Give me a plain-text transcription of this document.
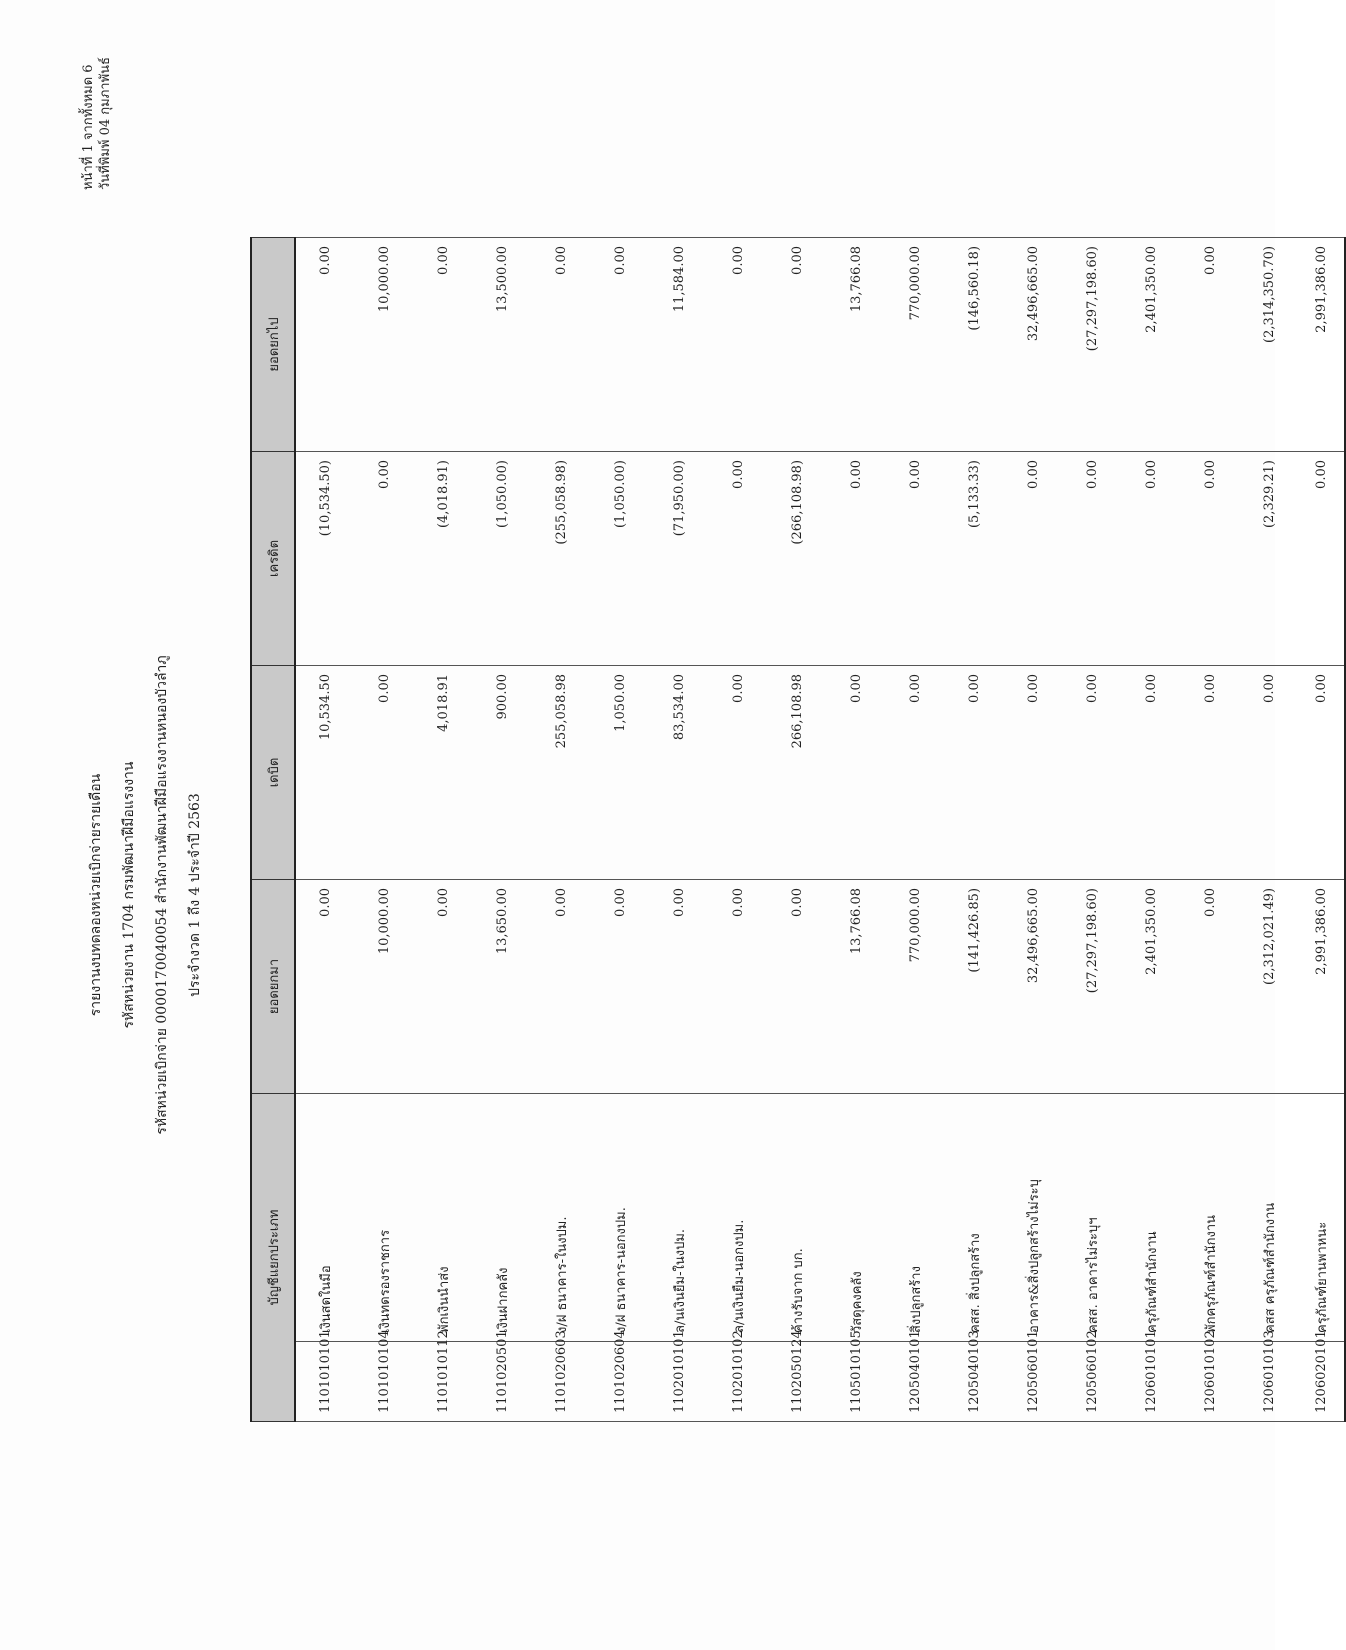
หน้าที่ 1 จากทั้งหมด 6 วันที่พิมพ์ 04 กุมภาพันธ์
รายงานงบทดลองหน่วยเบิกจ่ายรายเดือน	รหัสหน่วยงาน 1704 กรมพัฒนาฝีมือแรงงาน	รหัสหน่วยเบิกจ่าย 0000170040054 สำนักงานพัฒนาฝีมือแรงงานหนองบัวลำภู	ประจำงวด 1 ถึง 4 ประจำปี 2563
บัญชีแยกประเภท		ยอดยกมา	เดบิต	เครดิต	ยอดยกไป
1101010101	เงินสดในมือ	0.00	10,534.50	(10,534.50)	0.00
1101010104	เงินทดรองราชการ	10,000.00	0.00	0.00	10,000.00
1101010112	พักเงินนำส่ง	0.00	4,018.91	(4,018.91)	0.00
1101020501	เงินฝากคลัง	13,650.00	900.00	(1,050.00)	13,500.00
1101020603	ง/ฝ ธนาคาร-ในงปม.	0.00	255,058.98	(255,058.98)	0.00
1101020604	ง/ฝ ธนาคาร-นอกงปม.	0.00	1,050.00	(1,050.00)	0.00
1102010101	ล/นเงินยืม-ในงปม.	0.00	83,534.00	(71,950.00)	11,584.00
1102010102	ล/นเงินยืม-นอกงปม.	0.00	0.00	0.00	0.00
1102050124	ค้างรับจาก บก.	0.00	266,108.98	(266,108.98)	0.00
1105010105	วัสดุคงคลัง	13,766.08	0.00	0.00	13,766.08
1205040101	สิ่งปลูกสร้าง	770,000.00	0.00	0.00	770,000.00
1205040103	คสส. สิ่งปลูกสร้าง	(141,426.85)	0.00	(5,133.33)	(146,560.18)
1205060101	อาคาร&สิ่งปลูกสร้างไม่ระบุ	32,496,665.00	0.00	0.00	32,496,665.00
1205060102	คสส. อาคารไม่ระบุฯ	(27,297,198.60)	0.00	0.00	(27,297,198.60)
1206010101	ครุภัณฑ์สำนักงาน	2,401,350.00	0.00	0.00	2,401,350.00
1206010102	พักครุภัณฑ์สำนักงาน	0.00	0.00	0.00	0.00
1206010103	คสส ครุภัณฑ์สำนักงาน	(2,312,021.49)	0.00	(2,329.21)	(2,314,350.70)
1206020101	ครุภัณฑ์ยานพาหนะ	2,991,386.00	0.00	0.00	2,991,386.00
